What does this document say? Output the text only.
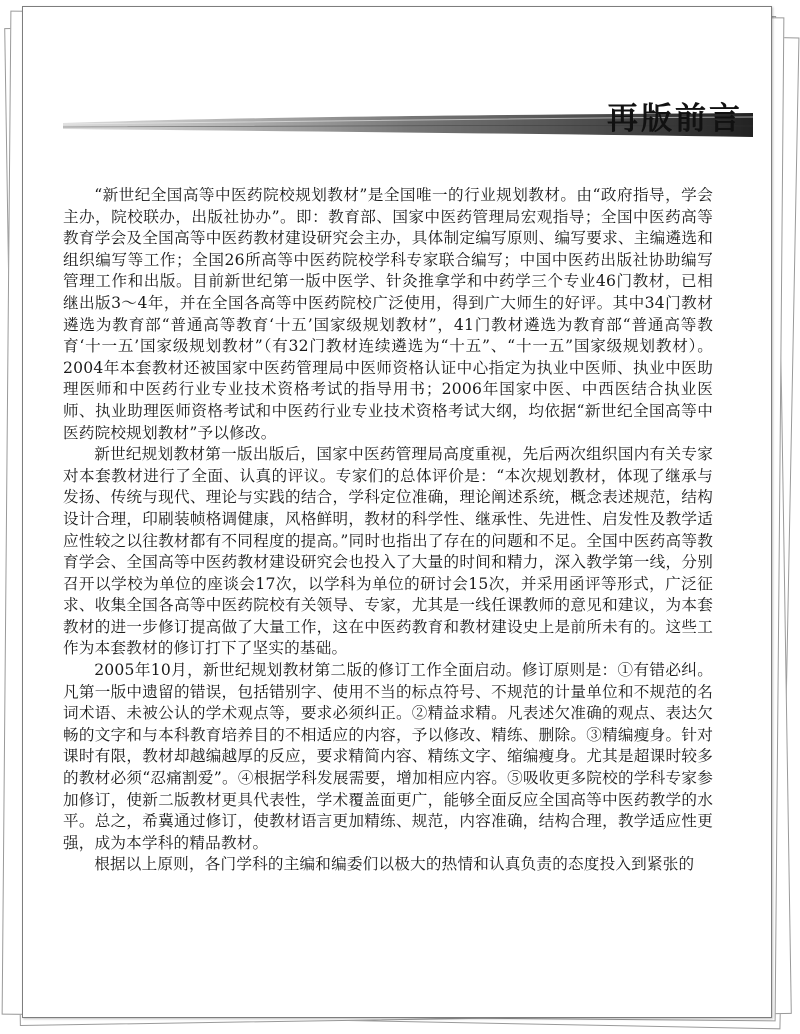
再版前言

“新世纪全国高等中医药院校规划教材”是全国唯一的行业规划教材。由“政府指导，学会主办，院校联办，出版社协办”。即：教育部、国家中医药管理局宏观指导；全国中医药高等教育学会及全国高等中医药教材建设研究会主办，具体制定编写原则、编写要求、主编遴选和组织编写等工作；全国26所高等中医药院校学科专家联合编写；中国中医药出版社协助编写管理工作和出版。目前新世纪第一版中医学、针灸推拿学和中药学三个专业46门教材，已相继出版3～4年，并在全国各高等中医药院校广泛使用，得到广大师生的好评。其中34门教材遴选为教育部“普通高等教育‘十五’国家级规划教材”，41门教材遴选为教育部“普通高等教育‘十一五’国家级规划教材”（有32门教材连续遴选为“十五”、“十一五”国家级规划教材）。2004年本套教材还被国家中医药管理局中医师资格认证中心指定为执业中医师、执业中医助理医师和中医药行业专业技术资格考试的指导用书；2006年国家中医、中西医结合执业医师、执业助理医师资格考试和中医药行业专业技术资格考试大纲，均依据“新世纪全国高等中医药院校规划教材”予以修改。

新世纪规划教材第一版出版后，国家中医药管理局高度重视，先后两次组织国内有关专家对本套教材进行了全面、认真的评议。专家们的总体评价是：“本次规划教材，体现了继承与发扬、传统与现代、理论与实践的结合，学科定位准确，理论阐述系统，概念表述规范，结构设计合理，印刷装帧格调健康，风格鲜明，教材的科学性、继承性、先进性、启发性及教学适应性较之以往教材都有不同程度的提高。”同时也指出了存在的问题和不足。全国中医药高等教育学会、全国高等中医药教材建设研究会也投入了大量的时间和精力，深入教学第一线，分别召开以学校为单位的座谈会17次，以学科为单位的研讨会15次，并采用函评等形式，广泛征求、收集全国各高等中医药院校有关领导、专家，尤其是一线任课教师的意见和建议，为本套教材的进一步修订提高做了大量工作，这在中医药教育和教材建设史上是前所未有的。这些工作为本套教材的修订打下了坚实的基础。

2005年10月，新世纪规划教材第二版的修订工作全面启动。修订原则是：①有错必纠。凡第一版中遗留的错误，包括错别字、使用不当的标点符号、不规范的计量单位和不规范的名词术语、未被公认的学术观点等，要求必须纠正。②精益求精。凡表述欠准确的观点、表达欠畅的文字和与本科教育培养目的不相适应的内容，予以修改、精练、删除。③精编瘦身。针对课时有限，教材却越编越厚的反应，要求精简内容、精练文字、缩编瘦身。尤其是超课时较多的教材必须“忍痛割爱”。④根据学科发展需要，增加相应内容。⑤吸收更多院校的学科专家参加修订，使新二版教材更具代表性，学术覆盖面更广，能够全面反应全国高等中医药教学的水平。总之，希冀通过修订，使教材语言更加精练、规范，内容准确，结构合理，教学适应性更强，成为本学科的精品教材。

根据以上原则，各门学科的主编和编委们以极大的热情和认真负责的态度投入到紧张的
